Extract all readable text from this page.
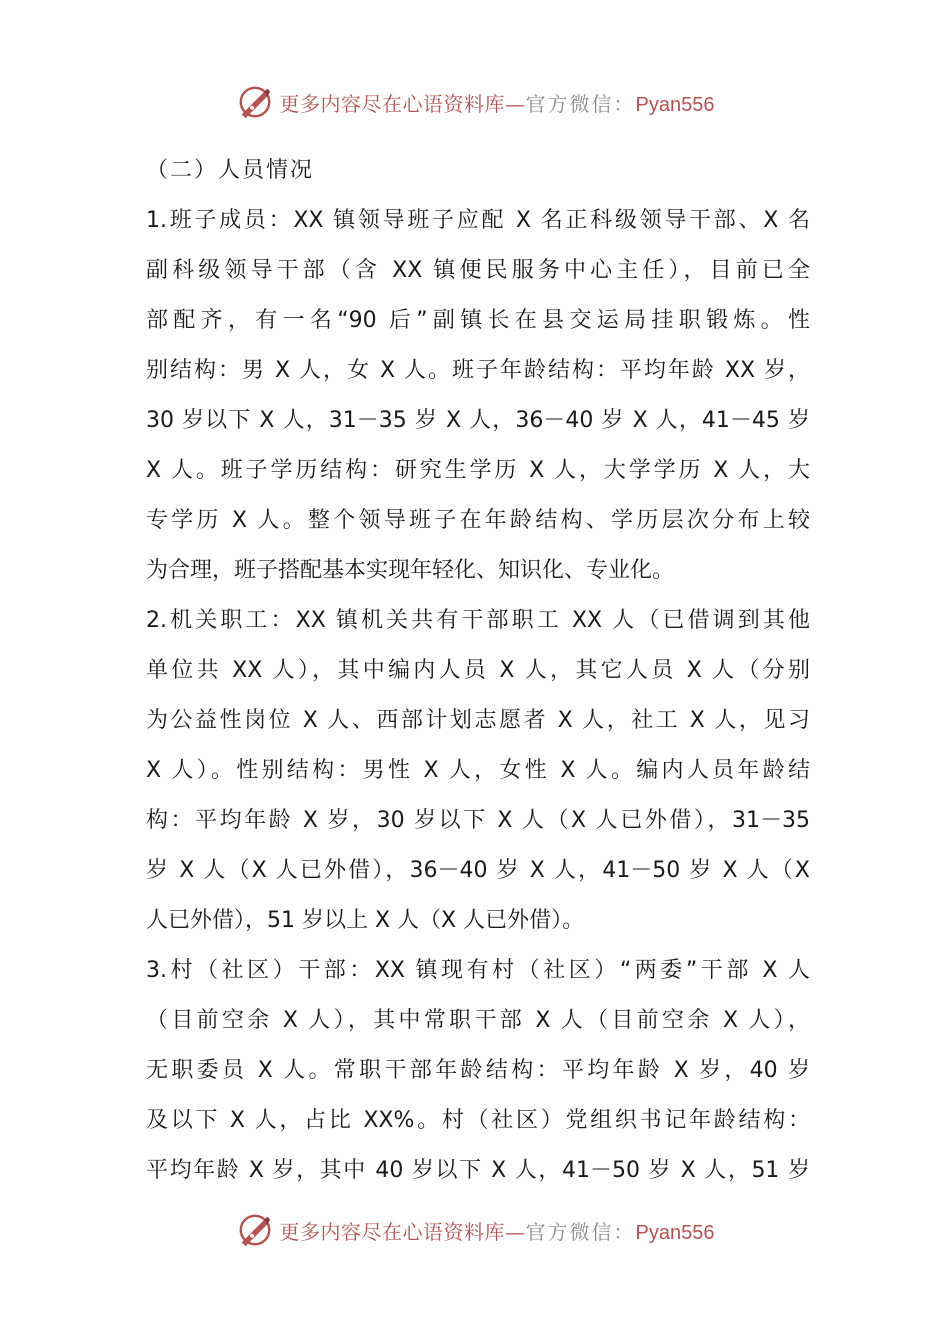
更多内容尽在心语资料库—官方微信：Pyan556
（二）人员情况
1.班子成员：XX 镇领导班子应配 X 名正科级领导干部、X 名
副科级领导干部（含 XX 镇便民服务中心主任），目前已全
部配齐，有一名“90 后”副镇长在县交运局挂职锻炼。性
别结构：男 X 人，女 X 人。班子年龄结构：平均年龄 XX 岁，
30 岁以下 X 人，31－35 岁 X 人，36－40 岁 X 人，41－45 岁
X 人。班子学历结构：研究生学历 X 人，大学学历 X 人，大
专学历 X 人。整个领导班子在年龄结构、学历层次分布上较
为合理，班子搭配基本实现年轻化、知识化、专业化。
2.机关职工：XX 镇机关共有干部职工 XX 人（已借调到其他
单位共 XX 人），其中编内人员 X 人，其它人员 X 人（分别
为公益性岗位 X 人、西部计划志愿者 X 人，社工 X 人，见习
X 人）。性别结构：男性 X 人，女性 X 人。编内人员年龄结
构：平均年龄 X 岁，30 岁以下 X 人（X 人已外借），31－35
岁 X 人（X 人已外借），36－40 岁 X 人，41－50 岁 X 人（X
人已外借），51 岁以上 X 人（X 人已外借）。
3.村（社区）干部：XX 镇现有村（社区）“两委”干部 X 人
（目前空余 X 人），其中常职干部 X 人（目前空余 X 人），
无职委员 X 人。常职干部年龄结构：平均年龄 X 岁，40 岁
及以下 X 人，占比 XX%。村（社区）党组织书记年龄结构：
平均年龄 X 岁，其中 40 岁以下 X 人，41－50 岁 X 人，51 岁
更多内容尽在心语资料库—官方微信：Pyan556
